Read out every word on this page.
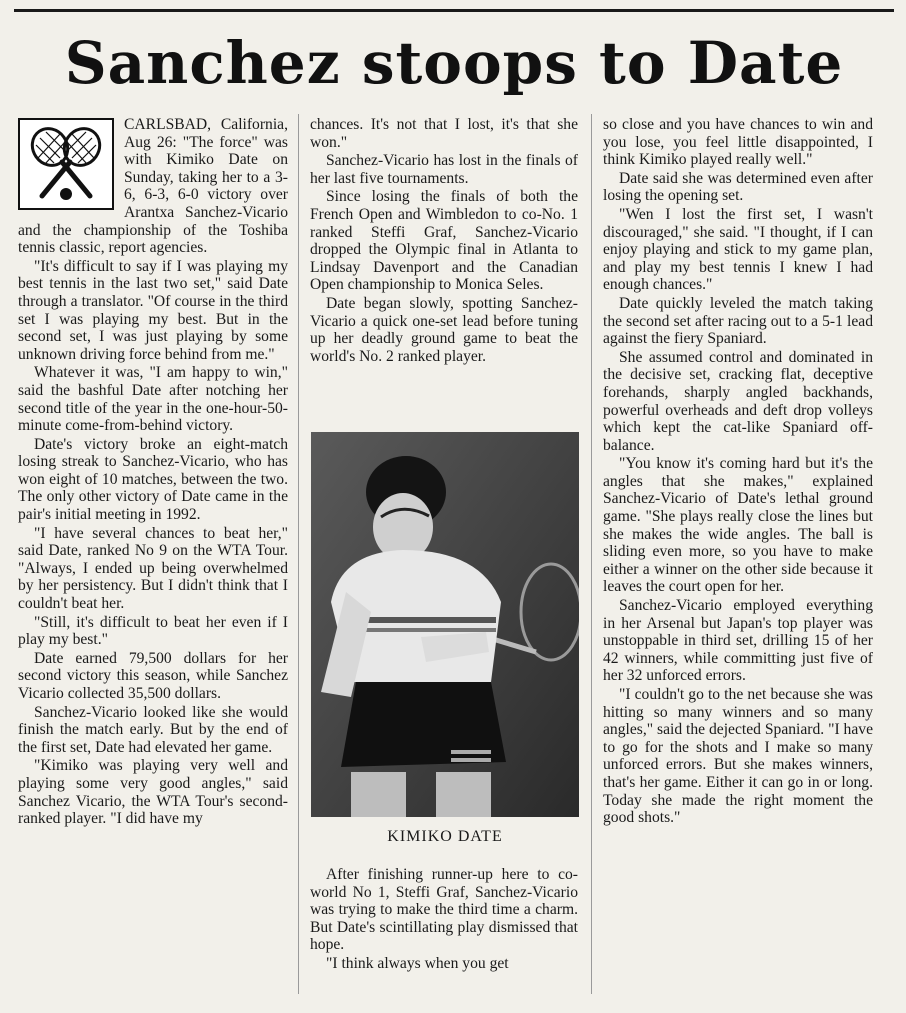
Sanchez stoops to Date

CARLSBAD, California, Aug 26: "The force" was with Kimiko Date on Sunday, taking her to a 3-6, 6-3, 6-0 victory over Arantxa Sanchez-Vicario and the championship of the Toshiba tennis classic, report agencies.

"It's difficult to say if I was playing my best tennis in the last two set," said Date through a translator. "Of course in the third set I was playing my best. But in the second set, I was just playing by some unknown driving force behind from me."

Whatever it was, "I am happy to win," said the bashful Date after notching her second title of the year in the one-hour-50-minute come-from-behind victory.

Date's victory broke an eight-match losing streak to Sanchez-Vicario, who has won eight of 10 matches, between the two. The only other victory of Date came in the pair's initial meeting in 1992.

"I have several chances to beat her," said Date, ranked No 9 on the WTA Tour. "Always, I ended up being overwhelmed by her persistency. But I didn't think that I couldn't beat her.

"Still, it's difficult to beat her even if I play my best."

Date earned 79,500 dollars for her second victory this season, while Sanchez Vicario collected 35,500 dollars.

Sanchez-Vicario looked like she would finish the match early. But by the end of the first set, Date had elevated her game.

"Kimiko was playing very well and playing some very good angles," said Sanchez Vicario, the WTA Tour's second-ranked player. "I did have my

chances. It's not that I lost, it's that she won."

Sanchez-Vicario has lost in the finals of her last five tournaments.

Since losing the finals of both the French Open and Wimbledon to co-No. 1 ranked Steffi Graf, Sanchez-Vicario dropped the Olympic final in Atlanta to Lindsay Davenport and the Canadian Open championship to Monica Seles.

Date began slowly, spotting Sanchez-Vicario a quick one-set lead before tuning up her deadly ground game to beat the world's No. 2 ranked player.

KIMIKO DATE

After finishing runner-up here to co-world No 1, Steffi Graf, Sanchez-Vicario was trying to make the third time a charm. But Date's scintillating play dismissed that hope.

"I think always when you get

so close and you have chances to win and you lose, you feel little disappointed, I think Kimiko played really well."

Date said she was determined even after losing the opening set.

"Wen I lost the first set, I wasn't discouraged," she said. "I thought, if I can enjoy playing and stick to my game plan, and play my best tennis I knew I had enough chances."

Date quickly leveled the match taking the second set after racing out to a 5-1 lead against the fiery Spaniard.

She assumed control and dominated in the decisive set, cracking flat, deceptive forehands, sharply angled backhands, powerful overheads and deft drop volleys which kept the cat-like Spaniard off-balance.

"You know it's coming hard but it's the angles that she makes," explained Sanchez-Vicario of Date's lethal ground game. "She plays really close the lines but she makes the wide angles. The ball is sliding even more, so you have to make either a winner on the other side because it leaves the court open for her.

Sanchez-Vicario employed everything in her Arsenal but Japan's top player was unstoppable in third set, drilling 15 of her 42 winners, while committing just five of her 32 unforced errors.

"I couldn't go to the net because she was hitting so many winners and so many angles," said the dejected Spaniard. "I have to go for the shots and I make so many unforced errors. But she makes winners, that's her game. Either it can go in or long. Today she made the right moment the good shots."
